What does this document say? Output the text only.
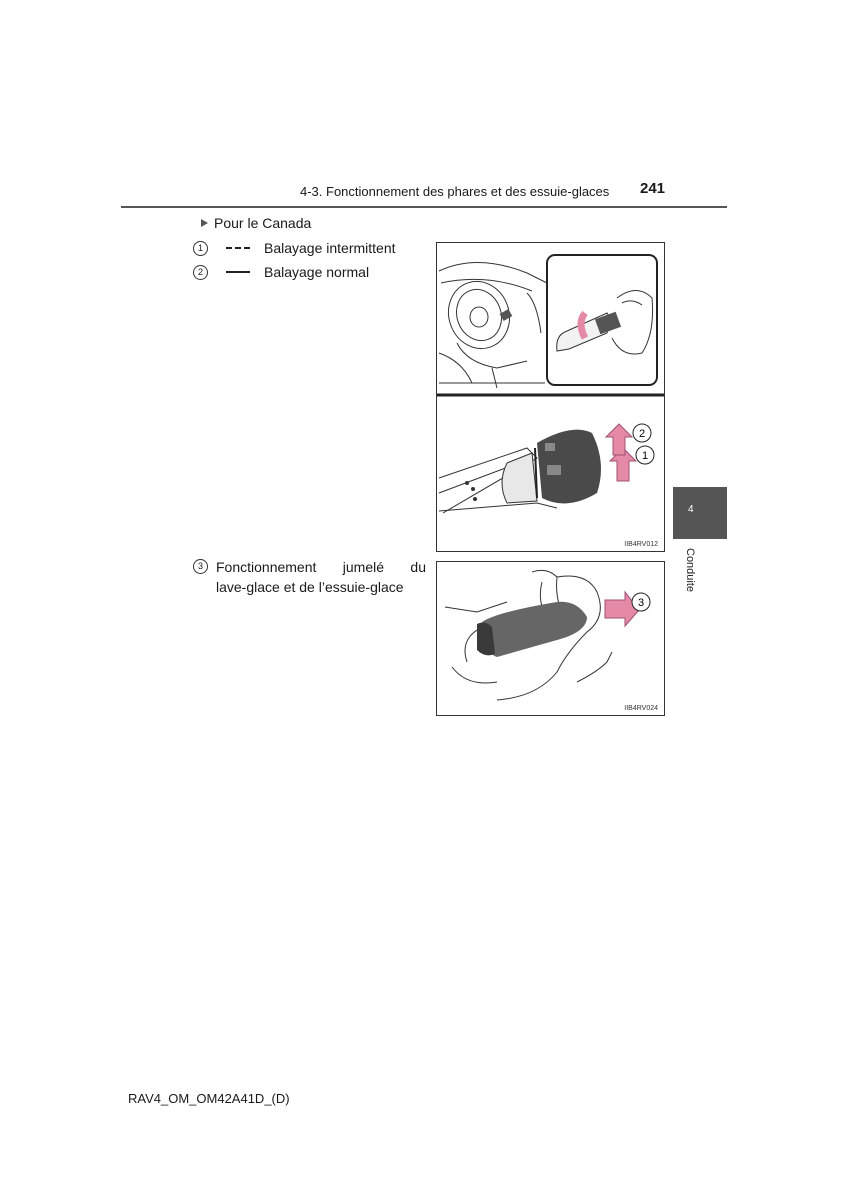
4-3. Fonctionnement des phares et des essuie-glaces 241
Pour le Canada
1	Balayage intermittent
2	Balayage normal
3 Fonctionnement jumelé du
lave-glace et de l’essuie-glace
2
1
IIB4RV012
3
IIB4RV024
4
Conduite
RAV4_OM_OM42A41D_(D)
